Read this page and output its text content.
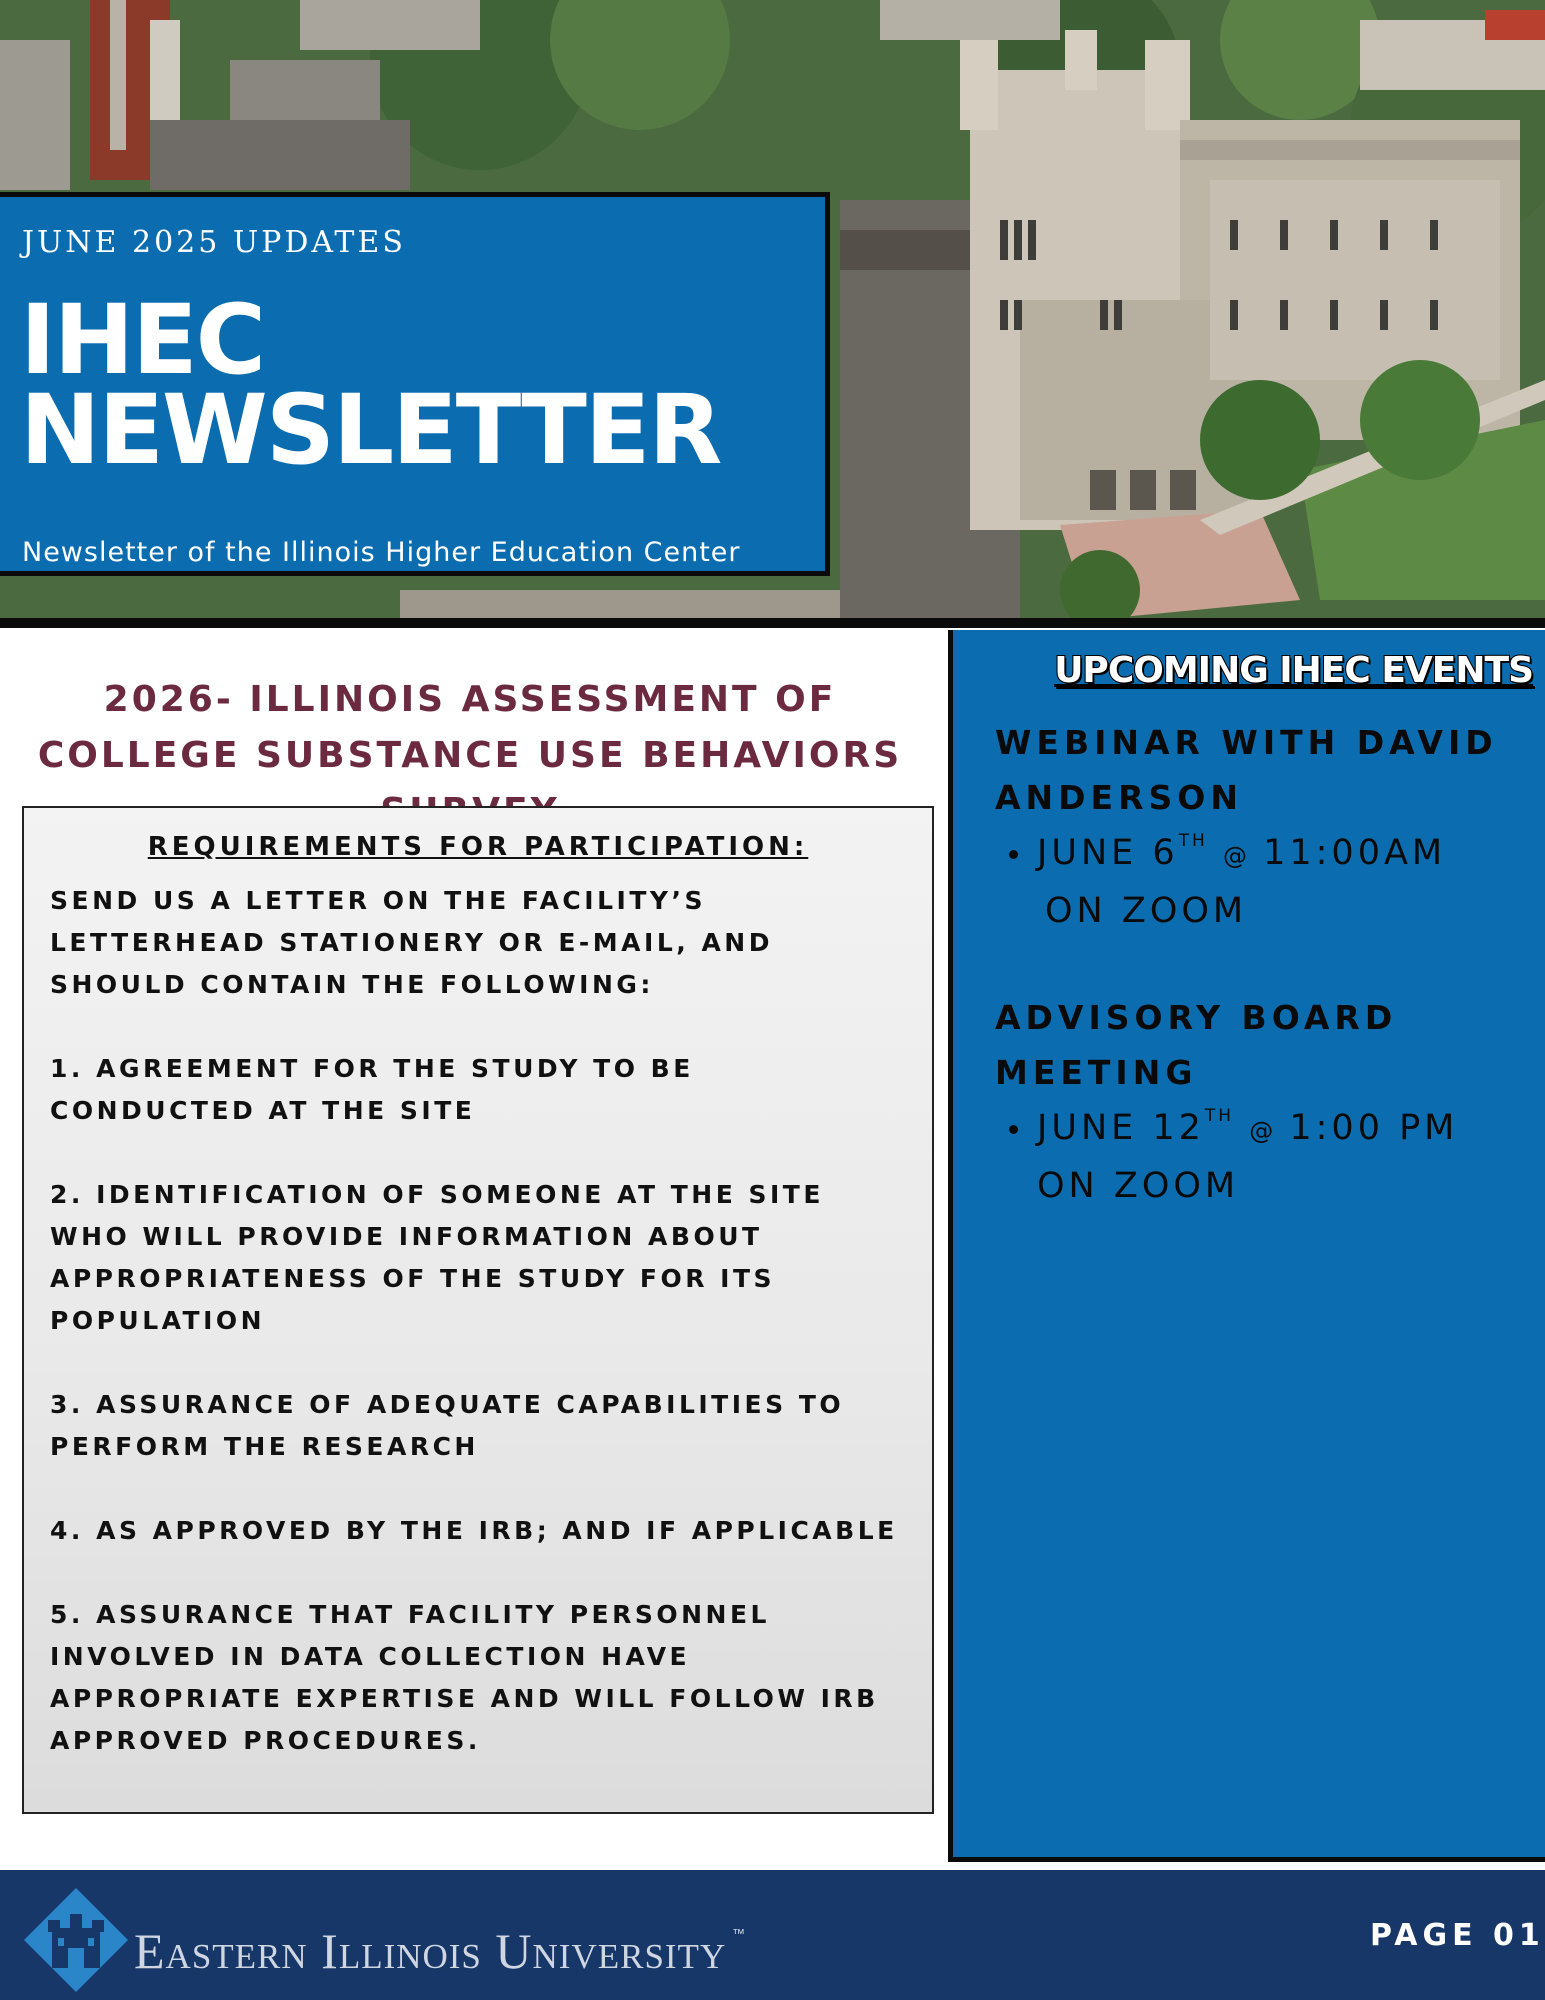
JUNE 2025 UPDATES
IHEC NEWSLETTER

Newsletter of the Illinois Higher Education Center

2026- ILLINOIS ASSESSMENT OF COLLEGE SUBSTANCE USE BEHAVIORS
REQUIREMENTS FOR PARTICIPATION:

SEND US A LETTER ON THE FACILITY’S LETTERHEAD STATIONERY OR E-MAIL, AND SHOULD CONTAIN THE FOLLOWING:

1. AGREEMENT FOR THE STUDY TO BE CONDUCTED AT THE SITE

2. IDENTIFICATION OF SOMEONE AT THE SITE WHO WILL PROVIDE INFORMATION ABOUT APPROPRIATENESS OF THE STUDY FOR ITS POPULATION

3. ASSURANCE OF ADEQUATE CAPABILITIES TO PERFORM THE RESEARCH

4. AS APPROVED BY THE IRB; AND IF APPLICABLE

5. ASSURANCE THAT FACILITY PERSONNEL INVOLVED IN DATA COLLECTION HAVE APPROPRIATE EXPERTISE AND WILL FOLLOW IRB APPROVED PROCEDURES.

UPCOMING IHEC EVENTS
WEBINAR WITH DAVID ANDERSON
JUNE 6TH @ 11:00AM
ON ZOOM
ADVISORY BOARD MEETING
JUNE 12TH @ 1:00 PM
ON ZOOM

Eastern Illinois University ™	PAGE 01
